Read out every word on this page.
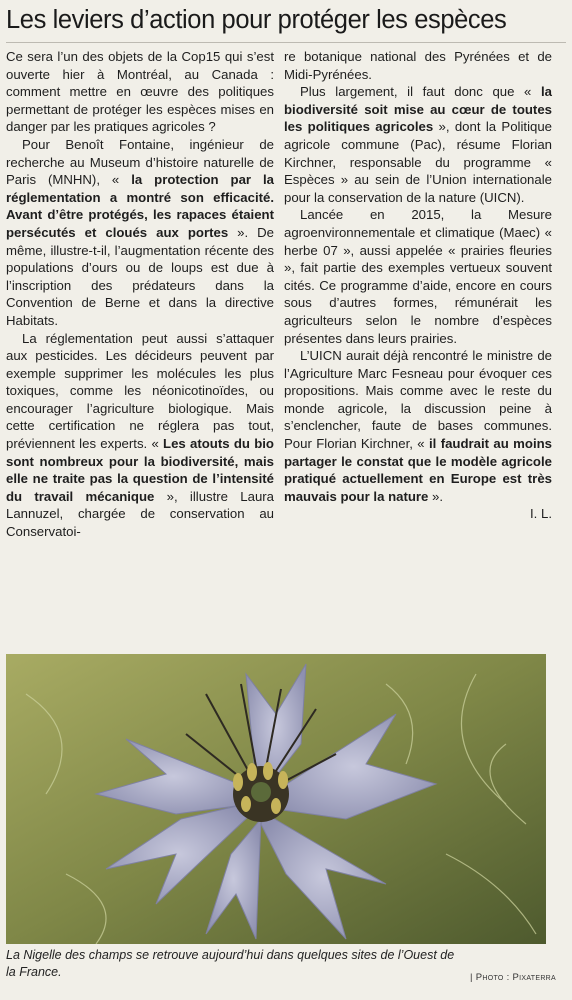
Les leviers d’action pour protéger les espèces

Ce sera l’un des objets de la Cop15 qui s’est ouverte hier à Montréal, au Canada : comment mettre en œuvre des politiques permettant de protéger les espèces mises en danger par les pratiques agricoles ?

Pour Benoît Fontaine, ingénieur de recherche au Museum d’histoire naturelle de Paris (MNHN), « la protection par la réglementation a montré son efficacité. Avant d’être protégés, les rapaces étaient persécutés et cloués aux portes ». De même, illustre-t-il, l’augmentation récente des populations d’ours ou de loups est due à l’inscription des prédateurs dans la Convention de Berne et dans la directive Habitats.

La réglementation peut aussi s’attaquer aux pesticides. Les décideurs peuvent par exemple supprimer les molécules les plus toxiques, comme les néonicotinoïdes, ou encourager l’agriculture biologique. Mais cette certification ne réglera pas tout, préviennent les experts. « Les atouts du bio sont nombreux pour la biodiversité, mais elle ne traite pas la question de l’intensité du travail mécanique », illustre Laura Lannuzel, chargée de conservation au Conservatoi-

re botanique national des Pyrénées et de Midi-Pyrénées.

Plus largement, il faut donc que « la biodiversité soit mise au cœur de toutes les politiques agricoles », dont la Politique agricole commune (Pac), résume Florian Kirchner, responsable du programme « Espèces » au sein de l’Union internationale pour la conservation de la nature (UICN).

Lancée en 2015, la Mesure agroenvironnementale et climatique (Maec) « herbe 07 », aussi appelée « prairies fleuries », fait partie des exemples vertueux souvent cités. Ce programme d’aide, encore en cours sous d’autres formes, rémunérait les agriculteurs selon le nombre d’espèces présentes dans leurs prairies.

L’UICN aurait déjà rencontré le ministre de l’Agriculture Marc Fesneau pour évoquer ces propositions. Mais comme avec le reste du monde agricole, la discussion peine à s’enclencher, faute de bases communes. Pour Florian Kirchner, « il faudrait au moins partager le constat que le modèle agricole pratiqué actuellement en Europe est très mauvais pour la nature ».

I. L.

La Nigelle des champs se retrouve aujourd’hui dans quelques sites de l’Ouest de la France.	| Photo : Pixaterra
